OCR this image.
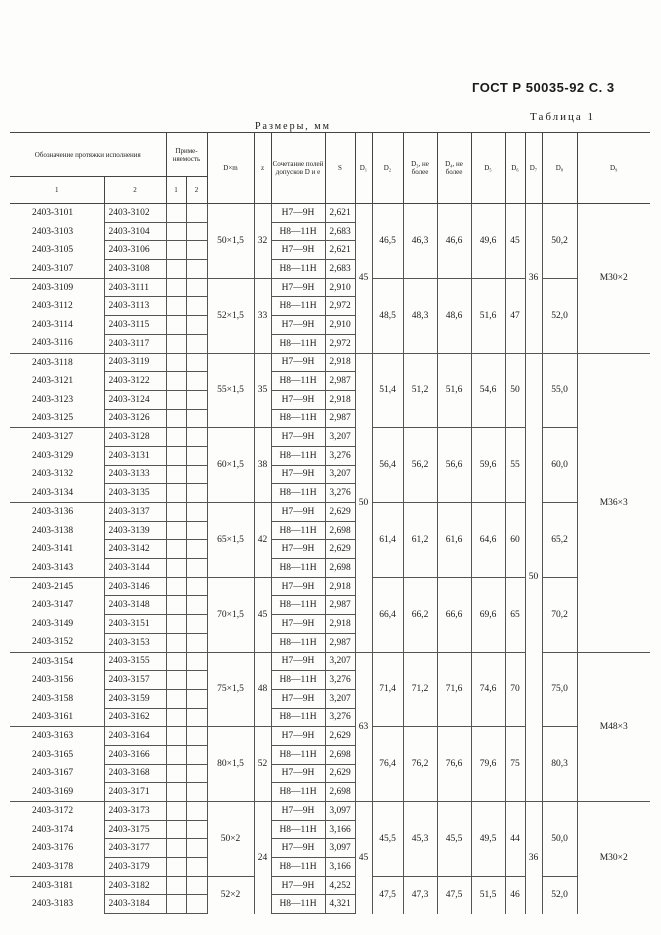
ГОСТ Р 50035-92 С. 3
Таблица 1
Размеры, мм
Обозначение протяжки исполнения		Приме- няемость		D×m	z	Сочетание полей допусков D и e	S	D₁	D₂	D₃, не более	D₄, не более	D₅	D₆	D₇	D₈	D₉
1	2	1	2													
2403-3101	2403-3102			50×1,5	32	H7—9H	2,621	45	46,5	46,3	46,6	49,6	45	36	50,2	M30×2
2403-3103	2403-3104					H8—11H	2,683									
2403-3105	2403-3106					H7—9H	2,621									
2403-3107	2403-3108					H8—11H	2,683									
2403-3109	2403-3111			52×1,5	33	H7—9H	2,910		48,5	48,3	48,6	51,6	47		52,0	
2403-3112	2403-3113					H8—11H	2,972									
2403-3114	2403-3115					H7—9H	2,910									
2403-3116	2403-3117					H8—11H	2,972									
2403-3118	2403-3119			55×1,5	35	H7—9H	2,918	50	51,4	51,2	51,6	54,6	50	50	55,0	M36×3
2403-3121	2403-3122					H8—11H	2,987									
2403-3123	2403-3124					H7—9H	2,918									
2403-3125	2403-3126					H8—11H	2,987									
2403-3127	2403-3128			60×1,5	38	H7—9H	3,207		56,4	56,2	56,6	59,6	55		60,0	
2403-3129	2403-3131					H8—11H	3,276									
2403-3132	2403-3133					H7—9H	3,207									
2403-3134	2403-3135					H8—11H	3,276									
2403-3136	2403-3137			65×1,5	42	H7—9H	2,629		61,4	61,2	61,6	64,6	60		65,2	
2403-3138	2403-3139					H8—11H	2,698									
2403-3141	2403-3142					H7—9H	2,629									
2403-3143	2403-3144					H8—11H	2,698									
2403-2145	2403-3146			70×1,5	45	H7—9H	2,918		66,4	66,2	66,6	69,6	65		70,2	
2403-3147	2403-3148					H8—11H	2,987									
2403-3149	2403-3151					H7—9H	2,918									
2403-3152	2403-3153					H8—11H	2,987									
2403-3154	2403-3155			75×1,5	48	H7—9H	3,207	63	71,4	71,2	71,6	74,6	70		75,0	M48×3
2403-3156	2403-3157					H8—11H	3,276									
2403-3158	2403-3159					H7—9H	3,207									
2403-3161	2403-3162					H8—11H	3,276									
2403-3163	2403-3164			80×1,5	52	H7—9H	2,629		76,4	76,2	76,6	79,6	75		80,3	
2403-3165	2403-3166					H8—11H	2,698									
2403-3167	2403-3168					H7—9H	2,629									
2403-3169	2403-3171					H8—11H	2,698									
2403-3172	2403-3173			50×2	24	H7—9H	3,097	45	45,5	45,3	45,5	49,5	44	36	50,0	M30×2
2403-3174	2403-3175					H8—11H	3,166									
2403-3176	2403-3177					H7—9H	3,097									
2403-3178	2403-3179					H8—11H	3,166									
2403-3181	2403-3182			52×2		H7—9H	4,252		47,5	47,3	47,5	51,5	46		52,0	
2403-3183	2403-3184					H8—11H	4,321									
